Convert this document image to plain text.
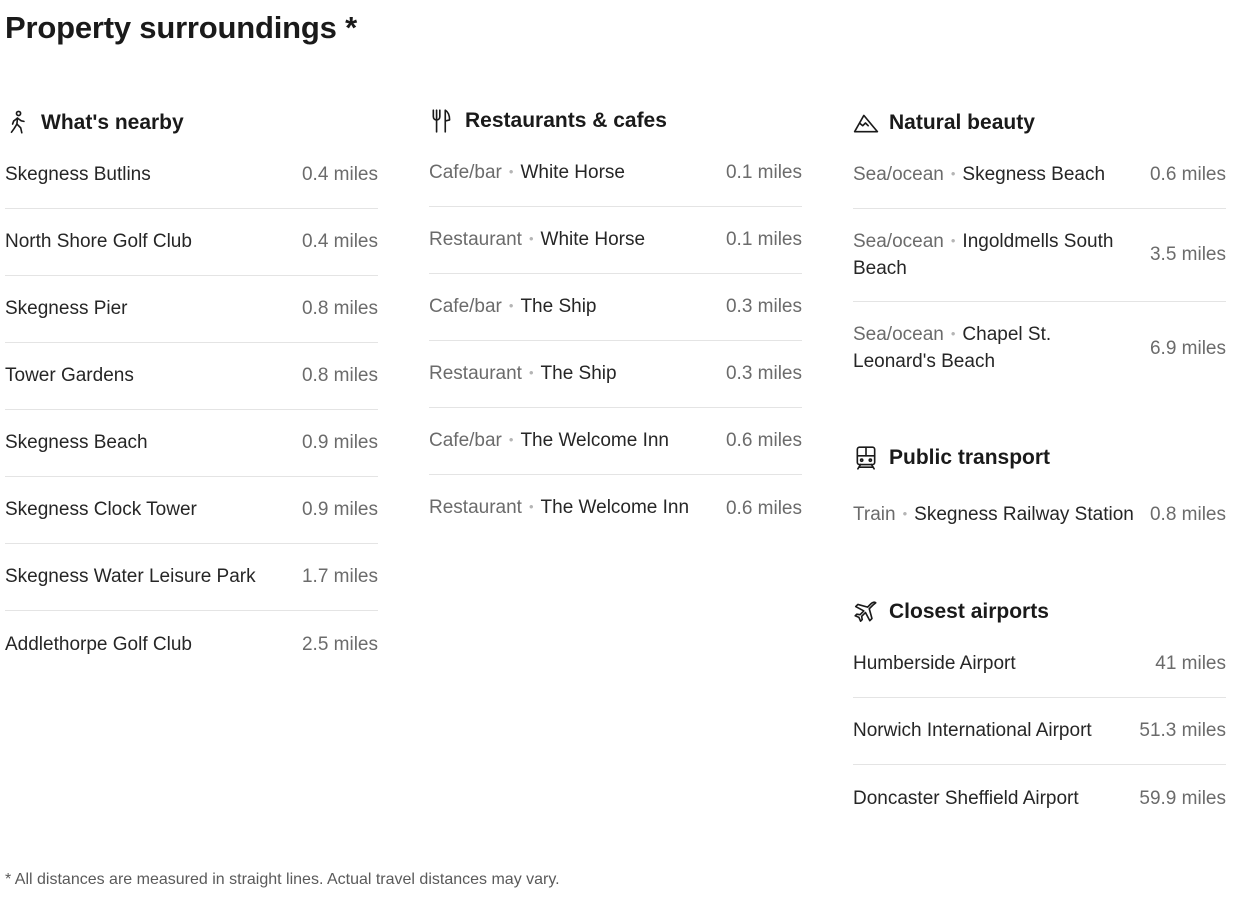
Property surroundings *
What's nearby
Skegness Butlins	0.4 miles
North Shore Golf Club	0.4 miles
Skegness Pier	0.8 miles
Tower Gardens	0.8 miles
Skegness Beach	0.9 miles
Skegness Clock Tower	0.9 miles
Skegness Water Leisure Park	1.7 miles
Addlethorpe Golf Club	2.5 miles
Restaurants & cafes
Cafe/bar • White Horse	0.1 miles
Restaurant • White Horse	0.1 miles
Cafe/bar • The Ship	0.3 miles
Restaurant • The Ship	0.3 miles
Cafe/bar • The Welcome Inn	0.6 miles
Restaurant • The Welcome Inn	0.6 miles
Natural beauty
Sea/ocean • Skegness Beach	0.6 miles
Sea/ocean • Ingoldmells South Beach
3.5 miles
Sea/ocean • Chapel St. Leonard's Beach
6.9 miles
Public transport
Train • Skegness Railway Station 0.8 miles
Closest airports
Humberside Airport	41 miles
Norwich International Airport	51.3 miles
Doncaster Sheffield Airport	59.9 miles
* All distances are measured in straight lines. Actual travel distances may vary.
